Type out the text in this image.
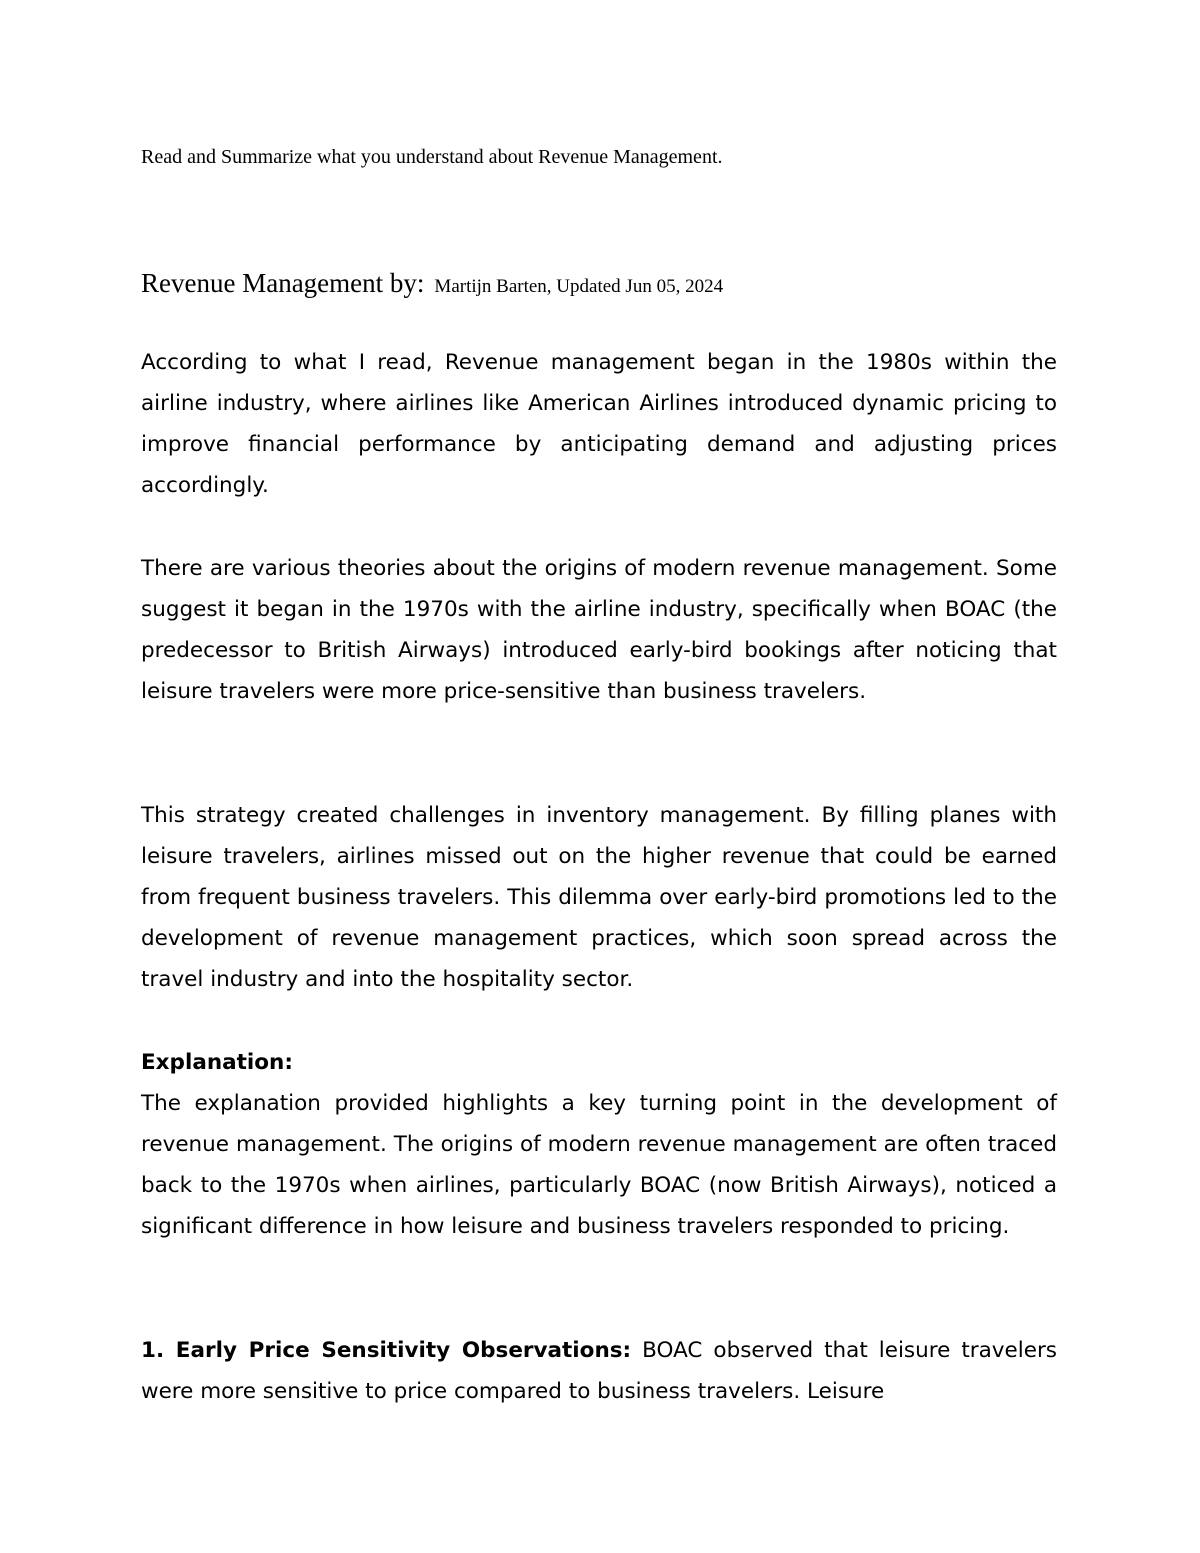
Read and Summarize what you understand about Revenue Management.
Revenue Management by: Martijn Barten, Updated Jun 05, 2024

According to what I read, Revenue management began in the 1980s within the airline industry, where airlines like American Airlines introduced dynamic pricing to improve financial performance by anticipating demand and adjusting prices accordingly.

There are various theories about the origins of modern revenue management. Some suggest it began in the 1970s with the airline industry, specifically when BOAC (the predecessor to British Airways) introduced early-bird bookings after noticing that leisure travelers were more price-sensitive than business travelers.

This strategy created challenges in inventory management. By filling planes with leisure travelers, airlines missed out on the higher revenue that could be earned from frequent business travelers. This dilemma over early-bird promotions led to the development of revenue management practices, which soon spread across the travel industry and into the hospitality sector.

Explanation:

The explanation provided highlights a key turning point in the development of revenue management. The origins of modern revenue management are often traced back to the 1970s when airlines, particularly BOAC (now British Airways), noticed a significant difference in how leisure and business travelers responded to pricing.

1. Early Price Sensitivity Observations: BOAC observed that leisure travelers were more sensitive to price compared to business travelers. Leisure
